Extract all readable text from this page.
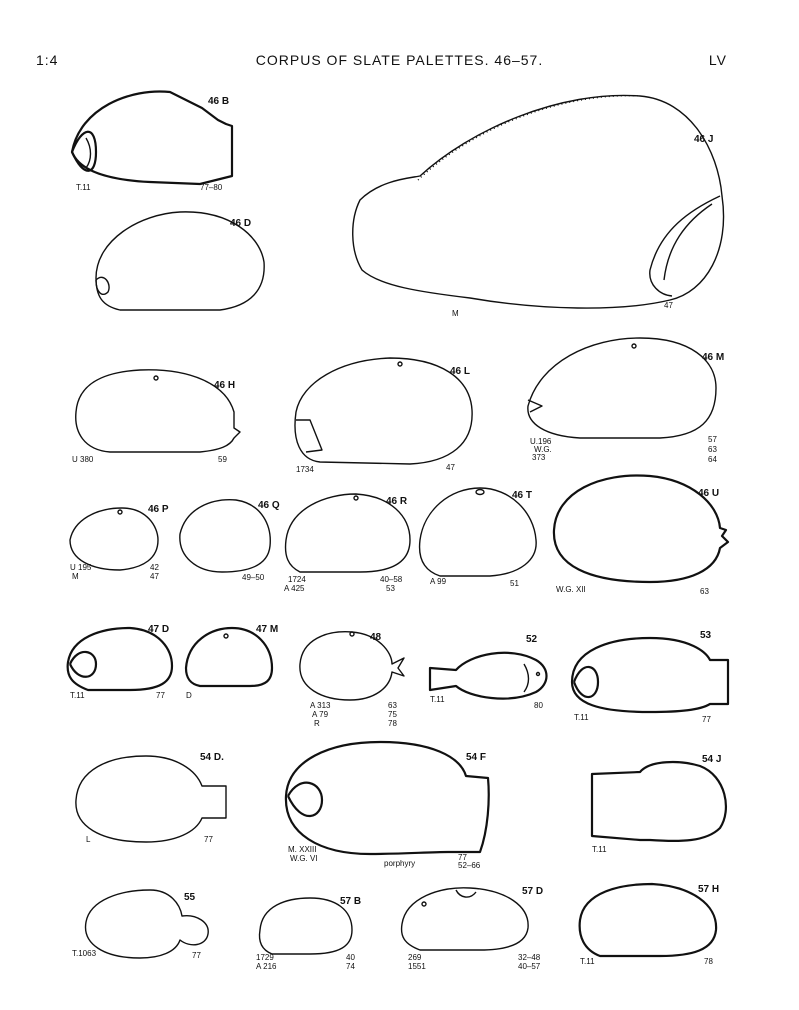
1:4	CORPUS OF SLATE PALETTES. 46–57.	LV
46 B
T.11	77–80
46 J
M
47
46 D
46 H
U 380	59
46 L
1734	47
46 M
U.196
W.G.
373
57
63
64
46 P
U 195
M
42
47
46 Q
49–50
46 R
1724
A 425
40–58
53
46 T
A 99	51
46 U
W.G. XII	63
47 D
T.11	77
47 M
D
48
A 313
A 79
R
63
75
78
52
T.11
80
53
T.11	77
54 D.
L	77
54 F
M. XXIII
W.G. VI
porphyry
77
52–66
54 J
T.11
55
T.1063	77
57 B
1729
A 216
40
74
57 D
269
1551
32–48
40–57
57 H
T.11	78
